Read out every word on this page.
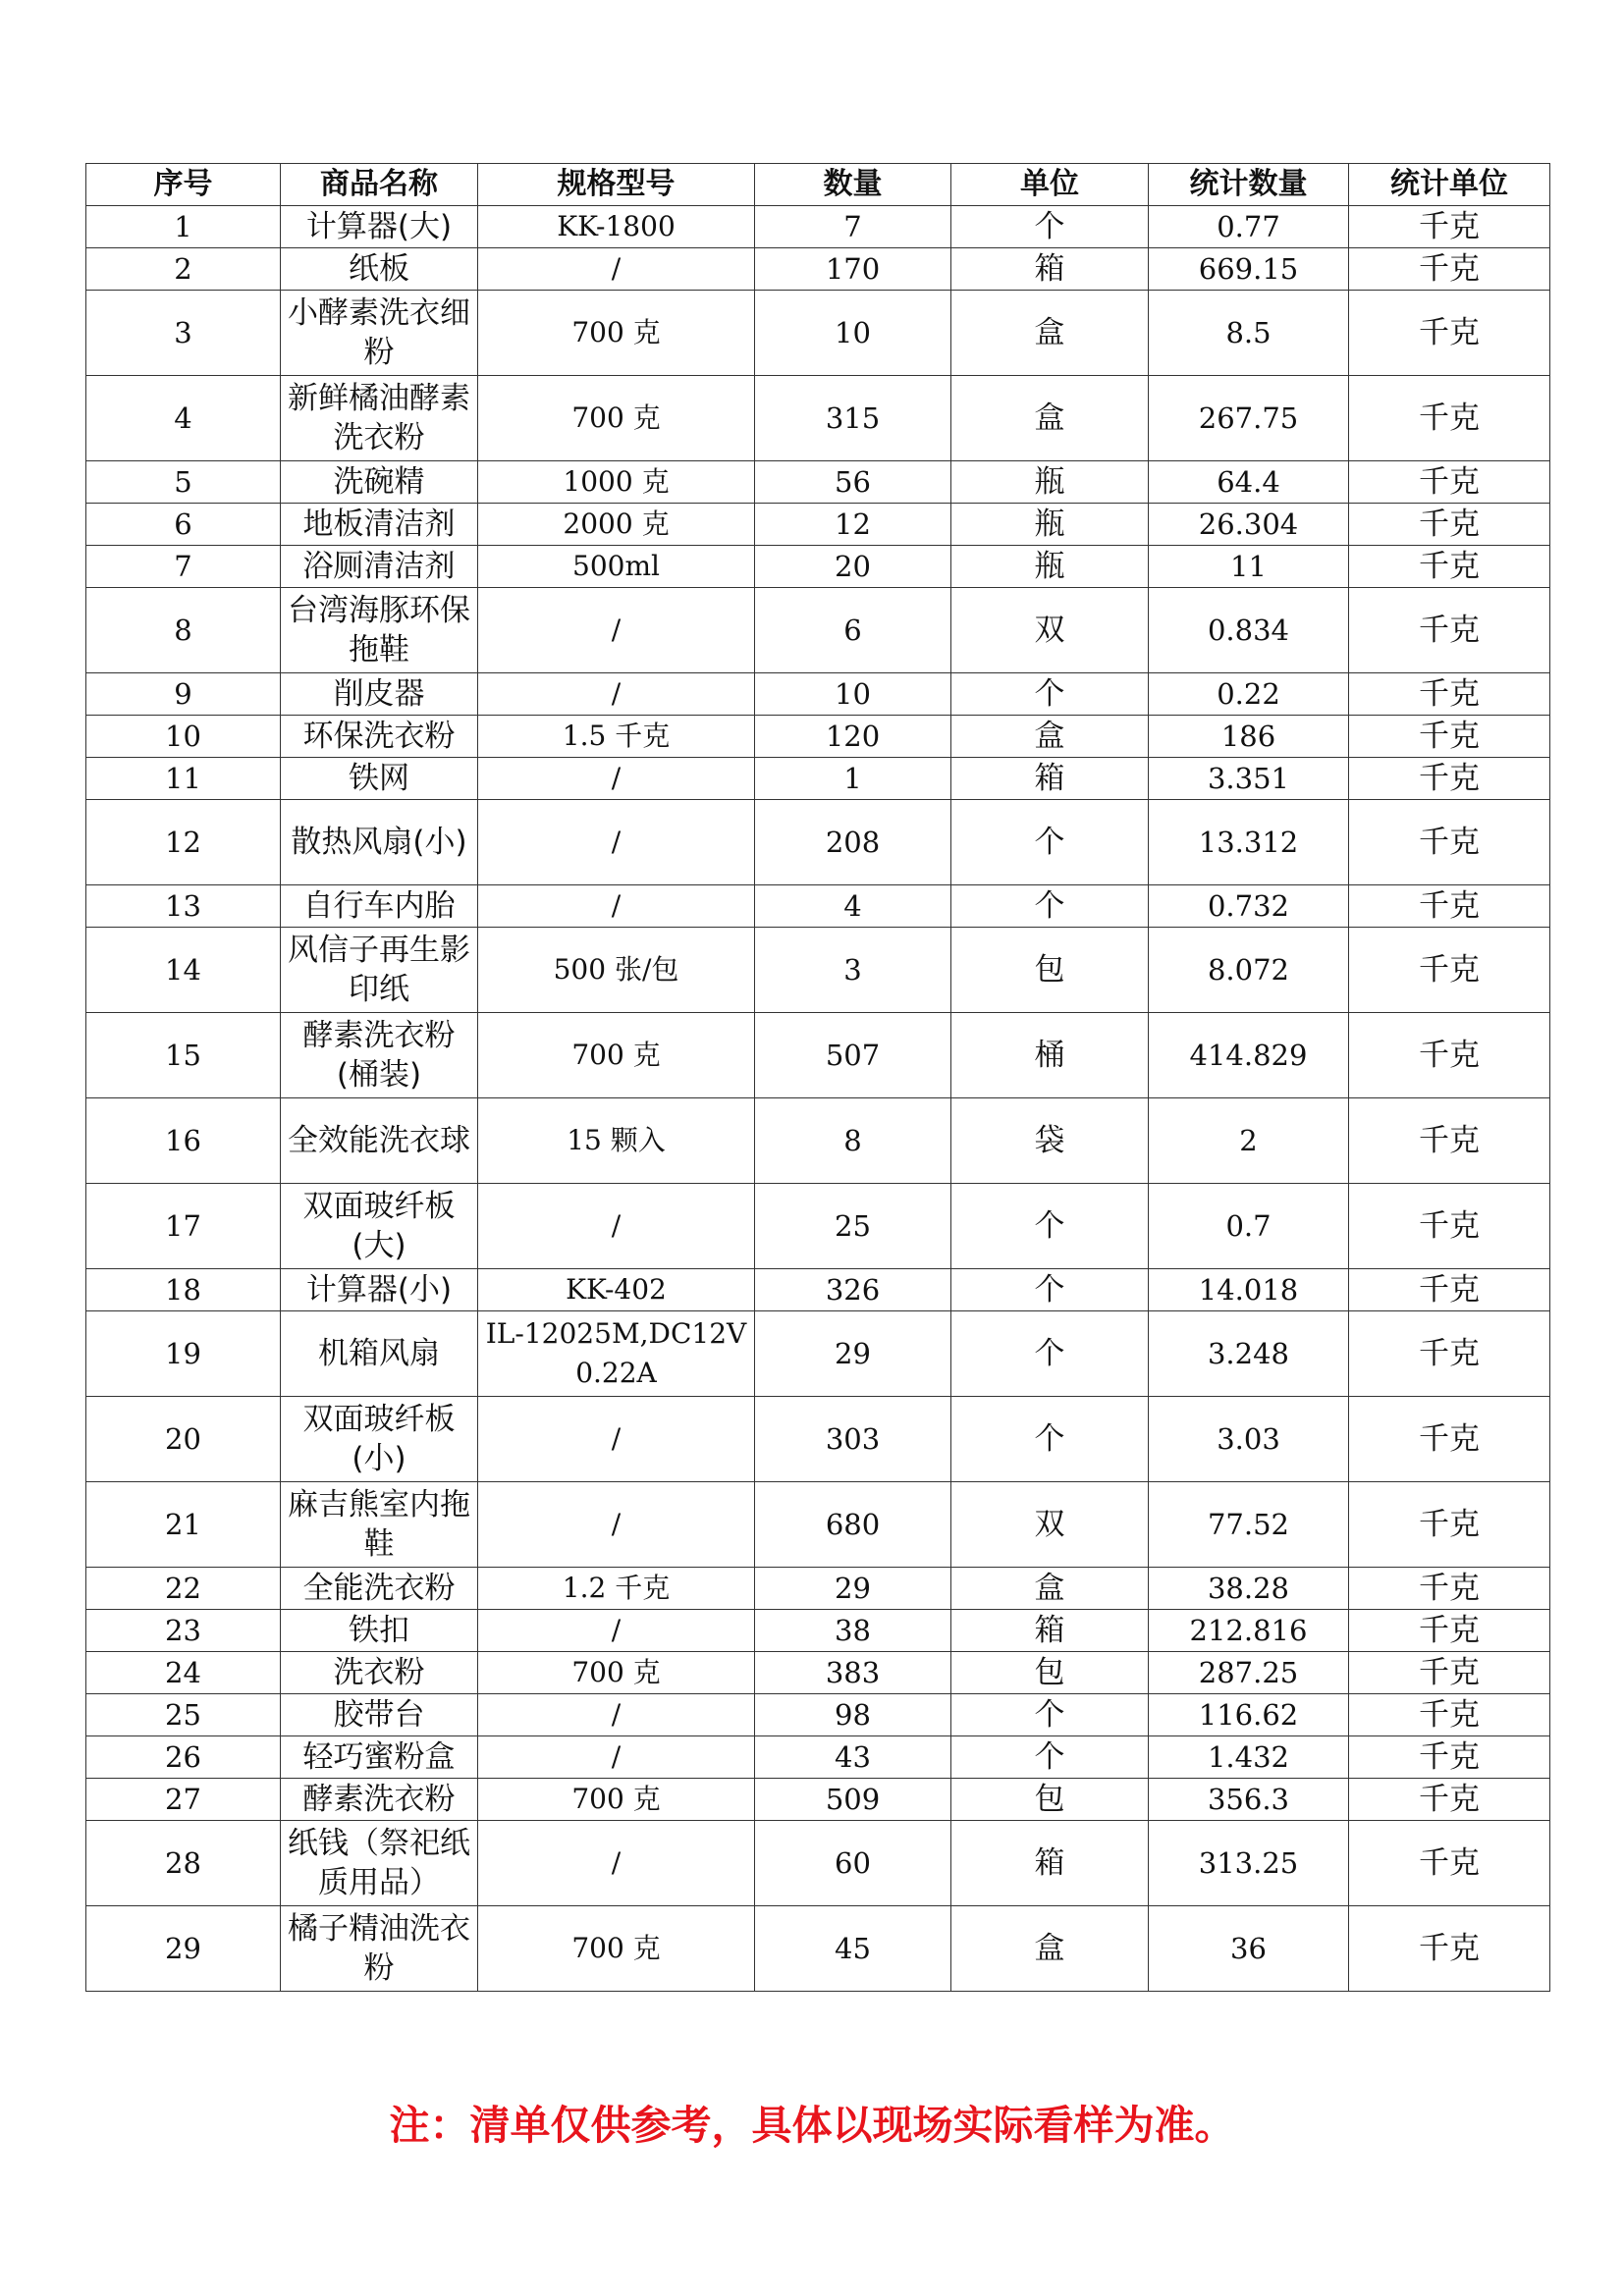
序号	商品名称	规格型号	数量	单位	统计数量	统计单位
1	计算器(大)	KK-1800	7	个	0.77	千克
2	纸板	/	170	箱	669.15	千克
3	小酵素洗衣细粉	700 克	10	盒	8.5	千克
4	新鲜橘油酵素洗衣粉	700 克	315	盒	267.75	千克
5	洗碗精	1000 克	56	瓶	64.4	千克
6	地板清洁剂	2000 克	12	瓶	26.304	千克
7	浴厕清洁剂	500ml	20	瓶	11	千克
8	台湾海豚环保拖鞋	/	6	双	0.834	千克
9	削皮器	/	10	个	0.22	千克
10	环保洗衣粉	1.5 千克	120	盒	186	千克
11	铁网	/	1	箱	3.351	千克
12	散热风扇(小)	/	208	个	13.312	千克
13	自行车内胎	/	4	个	0.732	千克
14	风信子再生影印纸	500 张/包	3	包	8.072	千克
15	酵素洗衣粉(桶装)	700 克	507	桶	414.829	千克
16	全效能洗衣球	15 颗入	8	袋	2	千克
17	双面玻纤板(大)	/	25	个	0.7	千克
18	计算器(小)	KK-402	326	个	14.018	千克
19	机箱风扇	IL-12025M,DC12V 0.22A	29	个	3.248	千克
20	双面玻纤板(小)	/	303	个	3.03	千克
21	麻吉熊室内拖鞋	/	680	双	77.52	千克
22	全能洗衣粉	1.2 千克	29	盒	38.28	千克
23	铁扣	/	38	箱	212.816	千克
24	洗衣粉	700 克	383	包	287.25	千克
25	胶带台	/	98	个	116.62	千克
26	轻巧蜜粉盒	/	43	个	1.432	千克
27	酵素洗衣粉	700 克	509	包	356.3	千克
28	纸钱（祭祀纸质用品）	/	60	箱	313.25	千克
29	橘子精油洗衣粉	700 克	45	盒	36	千克
注：清单仅供参考，具体以现场实际看样为准。
